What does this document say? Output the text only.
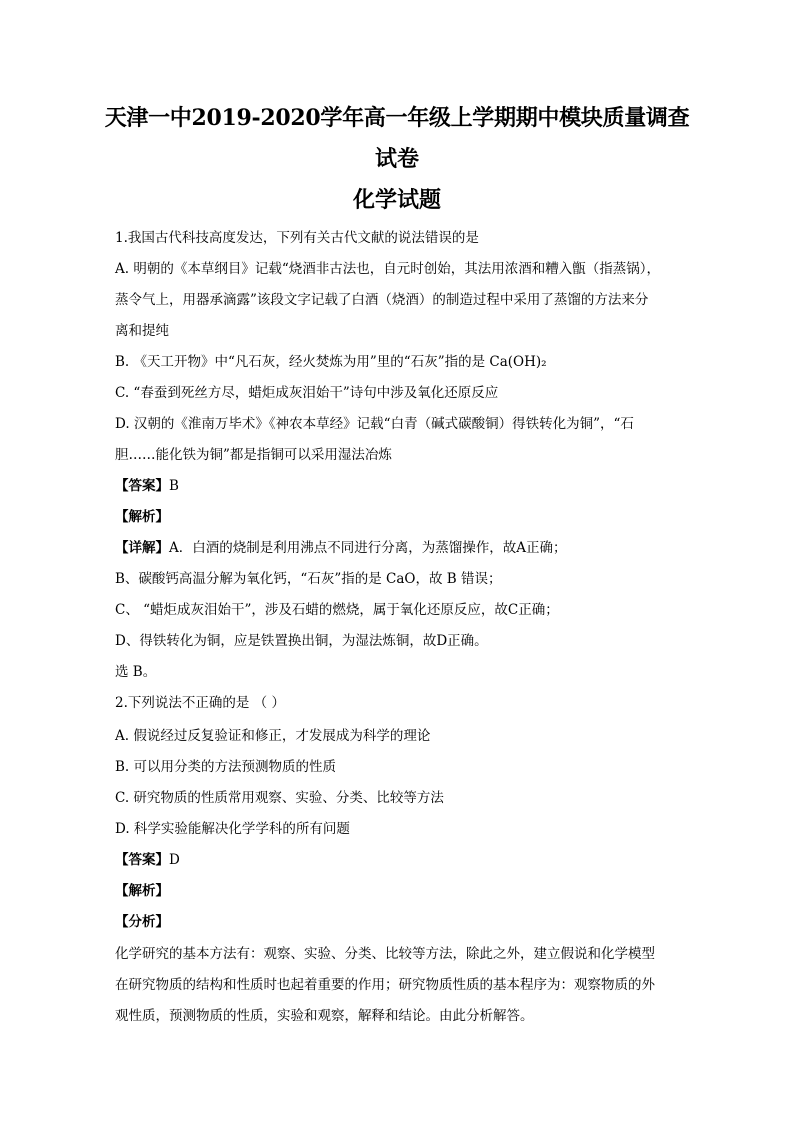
天津一中2019-2020学年高一年级上学期期中模块质量调查
试卷
化学试题
1.我国古代科技高度发达，下列有关古代文献的说法错误的是
A. 明朝的《本草纲目》记载“烧酒非古法也，自元时创始，其法用浓酒和糟入甑（指蒸锅），
蒸令气上，用器承滴露”该段文字记载了白酒（烧酒）的制造过程中采用了蒸馏的方法来分
离和提纯
B. 《天工开物》中“凡石灰，经火焚炼为用”里的“石灰”指的是 Ca(OH)₂
C. “春蚕到死丝方尽，蜡炬成灰泪始干”诗句中涉及氧化还原反应
D. 汉朝的《淮南万毕术》《神农本草经》记载“白青（碱式碳酸铜）得铁转化为铜”，“石
胆……能化铁为铜”都是指铜可以采用湿法冶炼
【答案】B
【解析】
【详解】A．白酒的烧制是利用沸点不同进行分离，为蒸馏操作，故A正确；
B、碳酸钙高温分解为氧化钙，“石灰”指的是 CaO，故 B 错误；
C、 “蜡炬成灰泪始干”，涉及石蜡的燃烧，属于氧化还原反应，故C正确；
D、得铁转化为铜，应是铁置换出铜，为湿法炼铜，故D正确。
选 B。
2.下列说法不正确的是 （ ）
A. 假说经过反复验证和修正，才发展成为科学的理论
B. 可以用分类的方法预测物质的性质
C. 研究物质的性质常用观察、实验、分类、比较等方法
D. 科学实验能解决化学学科的所有问题
【答案】D
【解析】
【分析】
化学研究的基本方法有：观察、实验、分类、比较等方法，除此之外，建立假说和化学模型
在研究物质的结构和性质时也起着重要的作用；研究物质性质的基本程序为：观察物质的外
观性质，预测物质的性质，实验和观察，解释和结论。由此分析解答。
